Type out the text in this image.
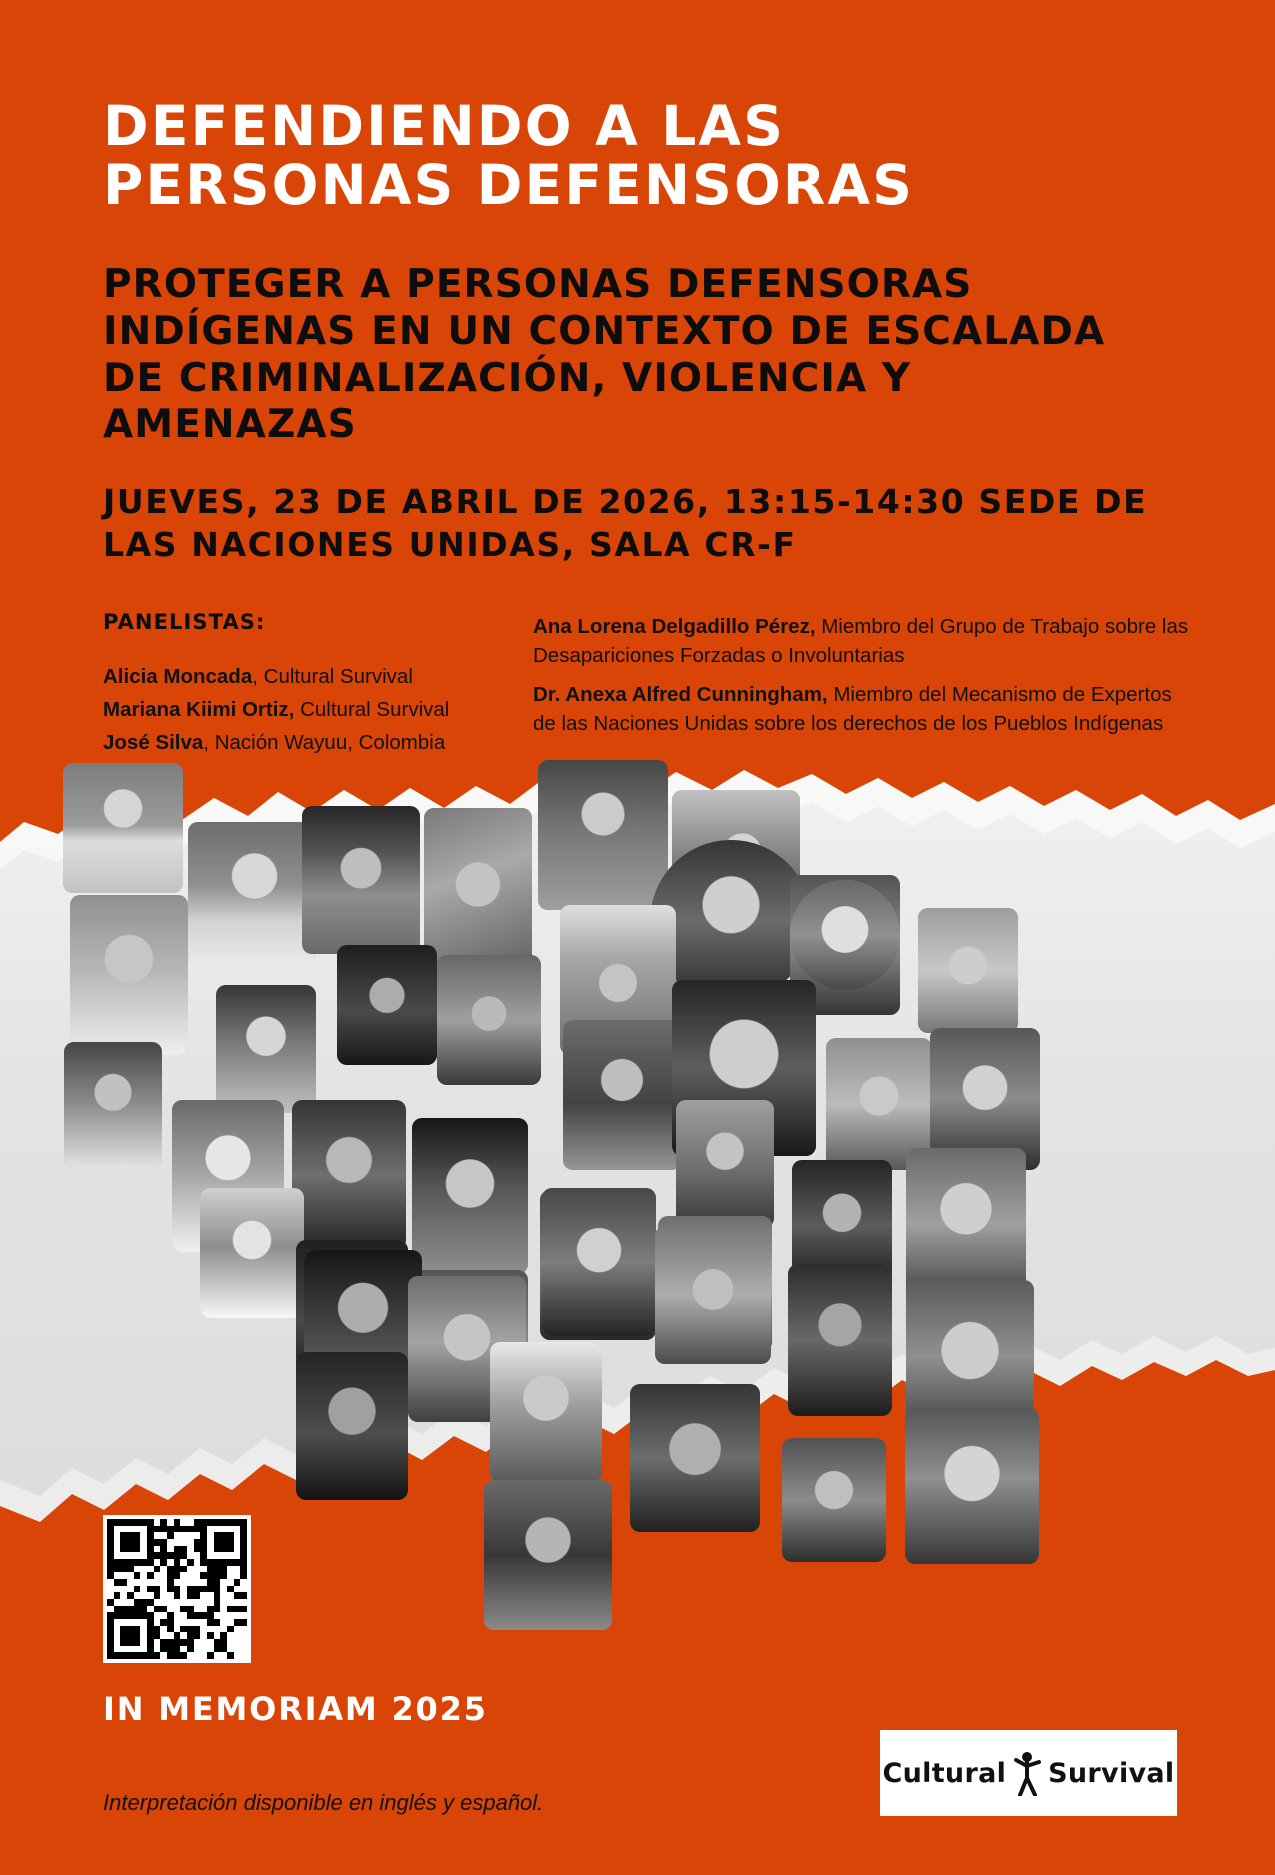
DEFENDIENDO A LAS PERSONAS DEFENSORAS
PROTEGER A PERSONAS DEFENSORAS INDÍGENAS EN UN CONTEXTO DE ESCALADA DE CRIMINALIZACIÓN, VIOLENCIA Y AMENAZAS
JUEVES, 23 DE ABRIL DE 2026, 13:15-14:30 SEDE DE LAS NACIONES UNIDAS, SALA CR-F
PANELISTAS:
Alicia Moncada, Cultural Survival
Mariana Kiimi Ortiz, Cultural Survival
José Silva, Nación Wayuu, Colombia
Ana Lorena Delgadillo Pérez, Miembro del Grupo de Trabajo sobre las Desapariciones Forzadas o Involuntarias
Dr. Anexa Alfred Cunningham, Miembro del Mecanismo de Expertos de las Naciones Unidas sobre los derechos de los Pueblos Indígenas
IN MEMORIAM 2025
Interpretación disponible en inglés y español.
Cultural Survival
